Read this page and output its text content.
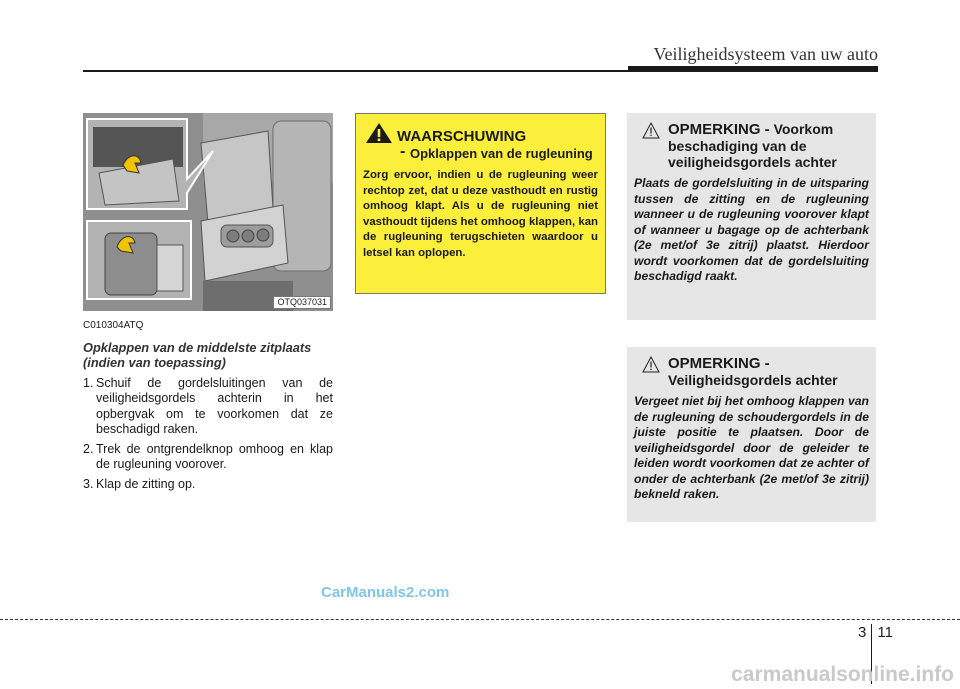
Veiligheidsysteem van uw auto
OTQ037031
C010304ATQ
Opklappen van de middelste zitplaats (indien van toepassing)
1. Schuif de gordelsluitingen van de veiligheidsgordels achterin in het opbergvak om te voorkomen dat ze beschadigd raken.
2. Trek de ontgrendelknop omhoog en klap de rugleuning voorover.
3. Klap de zitting op.
WAARSCHUWING
- Opklappen van de rugleuning
Zorg ervoor, indien u de rugleuning weer rechtop zet, dat u deze vasthoudt en rustig omhoog klapt. Als u de rugleuning niet vasthoudt tijdens het omhoog klappen, kan de rugleuning terugschieten waardoor u letsel kan oplopen.
OPMERKING - Voorkom beschadiging van de veiligheidsgordels achter
Plaats de gordelsluiting in de uitsparing tussen de zitting en de rugleuning wanneer u de rugleuning voorover klapt of wanneer u bagage op de achterbank (2e met/of 3e zitrij) plaatst. Hierdoor wordt voorkomen dat de gordelsluiting beschadigd raakt.
OPMERKING - Veiligheidsgordels achter
Vergeet niet bij het omhoog klappen van de rugleuning de schoudergordels in de juiste positie te plaatsen. Door de veiligheidsgordel door de geleider te leiden wordt voorkomen dat ze achter of onder de achterbank (2e met/of 3e zitrij) bekneld raken.
CarManuals2.com
3 11
carmanualsonline.info
